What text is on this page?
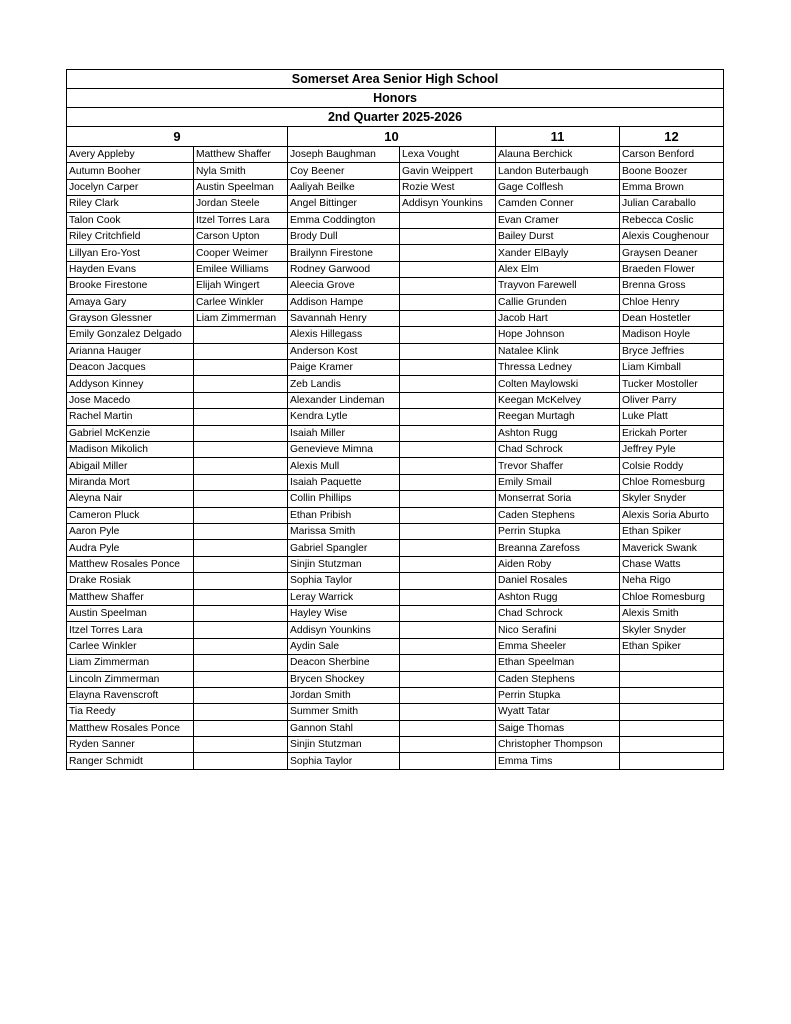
Somerset Area Senior High School					
Honors					
2nd Quarter 2025-2026					
9		10		11	12
Avery Appleby	Matthew Shaffer	Joseph Baughman	Lexa Vought	Alauna Berchick	Carson Benford
Autumn Booher	Nyla Smith	Coy Beener	Gavin Weippert	Landon Buterbaugh	Boone Boozer
Jocelyn Carper	Austin Speelman	Aaliyah Beilke	Rozie West	Gage Colflesh	Emma Brown
Riley Clark	Jordan Steele	Angel Bittinger	Addisyn Younkins	Camden Conner	Julian Caraballo
Talon Cook	Itzel Torres Lara	Emma Coddington		Evan Cramer	Rebecca Coslic
Riley Critchfield	Carson Upton	Brody Dull		Bailey Durst	Alexis Coughenour
Lillyan Ero-Yost	Cooper Weimer	Brailynn Firestone		Xander ElBayly	Graysen Deaner
Hayden Evans	Emilee Williams	Rodney Garwood		Alex Elm	Braeden Flower
Brooke Firestone	Elijah Wingert	Aleecia Grove		Trayvon Farewell	Brenna Gross
Amaya Gary	Carlee Winkler	Addison Hampe		Callie Grunden	Chloe Henry
Grayson Glessner	Liam Zimmerman	Savannah Henry		Jacob Hart	Dean Hostetler
Emily Gonzalez Delgado		Alexis Hillegass		Hope Johnson	Madison Hoyle
Arianna Hauger		Anderson Kost		Natalee Klink	Bryce Jeffries
Deacon Jacques		Paige Kramer		Thressa Ledney	Liam Kimball
Addyson Kinney		Zeb Landis		Colten Maylowski	Tucker Mostoller
Jose Macedo		Alexander Lindeman		Keegan McKelvey	Oliver Parry
Rachel Martin		Kendra Lytle		Reegan Murtagh	Luke Platt
Gabriel McKenzie		Isaiah Miller		Ashton Rugg	Erickah Porter
Madison Mikolich		Genevieve Mimna		Chad Schrock	Jeffrey Pyle
Abigail Miller		Alexis Mull		Trevor Shaffer	Colsie Roddy
Miranda Mort		Isaiah Paquette		Emily Smail	Chloe Romesburg
Aleyna Nair		Collin Phillips		Monserrat Soria	Skyler Snyder
Cameron Pluck		Ethan Pribish		Caden Stephens	Alexis Soria Aburto
Aaron Pyle		Marissa Smith		Perrin Stupka	Ethan Spiker
Audra Pyle		Gabriel Spangler		Breanna Zarefoss	Maverick Swank
Matthew Rosales Ponce		Sinjin Stutzman		Aiden Roby	Chase Watts
Drake Rosiak		Sophia Taylor		Daniel Rosales	Neha Rigo
Matthew Shaffer		Leray Warrick		Ashton Rugg	Chloe Romesburg
Austin Speelman		Hayley Wise		Chad Schrock	Alexis Smith
Itzel Torres Lara		Addisyn Younkins		Nico Serafini	Skyler Snyder
Carlee Winkler		Aydin Sale		Emma Sheeler	Ethan Spiker
Liam Zimmerman		Deacon Sherbine		Ethan Speelman	
Lincoln Zimmerman		Brycen Shockey		Caden Stephens	
Elayna Ravenscroft		Jordan Smith		Perrin Stupka	
Tia Reedy		Summer Smith		Wyatt Tatar	
Matthew Rosales Ponce		Gannon Stahl		Saige Thomas	
Ryden Sanner		Sinjin Stutzman		Christopher Thompson	
Ranger Schmidt		Sophia Taylor		Emma Tims	
